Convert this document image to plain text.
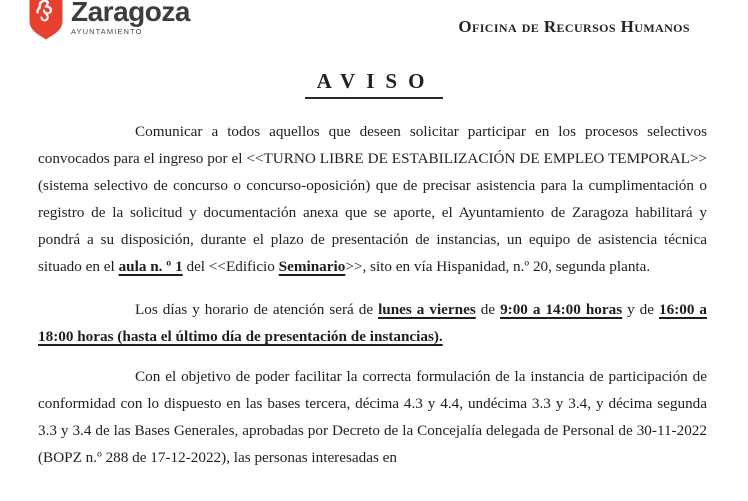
Zaragoza
AYUNTAMIENTO	Oficina de Recursos Humanos
AVISO

Comunicar a todos aquellos que deseen solicitar participar en los procesos selectivos convocados para el ingreso por el <<TURNO LIBRE DE ESTABILIZACIÓN DE EMPLEO TEMPORAL>> (sistema selectivo de concurso o concurso-oposición) que de precisar asistencia para la cumplimentación o registro de la solicitud y documentación anexa que se aporte, el Ayuntamiento de Zaragoza habilitará y pondrá a su disposición, durante el plazo de presentación de instancias, un equipo de asistencia técnica situado en el aula n. º 1 del <<Edificio Seminario>>, sito en vía Hispanidad, n.º 20, segunda planta.

Los días y horario de atención será de lunes a viernes de 9:00 a 14:00 horas y de 16:00 a 18:00 horas (hasta el último día de presentación de instancias).

Con el objetivo de poder facilitar la correcta formulación de la instancia de participación de conformidad con lo dispuesto en las bases tercera, décima 4.3 y 4.4, undécima 3.3 y 3.4, y décima segunda 3.3 y 3.4 de las Bases Generales, aprobadas por Decreto de la Concejalía delegada de Personal de 30-11-2022 (BOPZ n.º 288 de 17-12-2022), las personas interesadas en
